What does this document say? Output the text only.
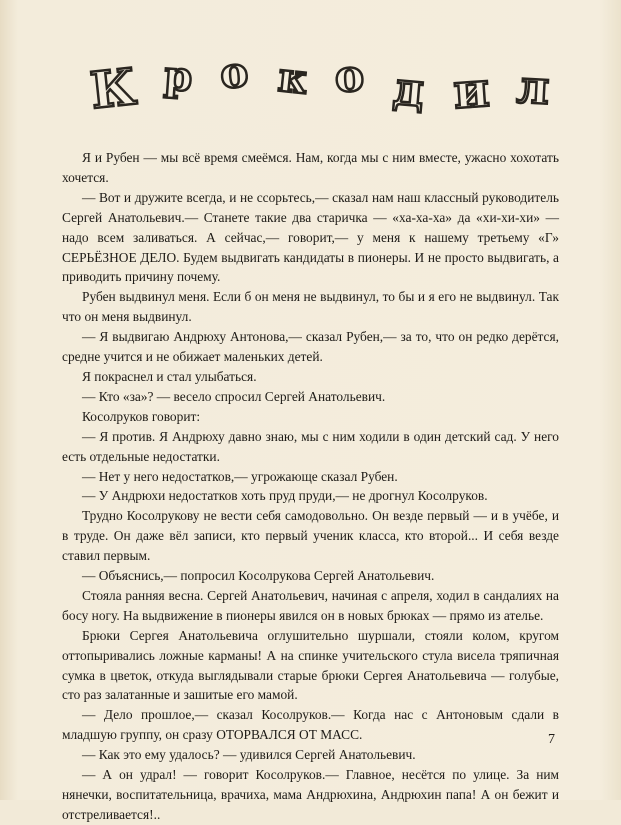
К р о к о д и л

Я и Рубен — мы всё время смеёмся. Нам, когда мы с ним вместе, ужасно хохотать хочется.

— Вот и дружите всегда, и не ссорьтесь,— сказал нам наш классный руководитель Сергей Анатольевич.— Станете такие два старичка — «ха-ха-ха» да «хи-хи-хи» — надо всем заливаться. А сейчас,— говорит,— у меня к нашему третьему «Г» СЕРЬЁЗНОЕ ДЕЛО. Будем выдвигать кандидаты в пионеры. И не просто выдвигать, а приводить причину почему.

Рубен выдвинул меня. Если б он меня не выдвинул, то бы и я его не выдвинул. Так что он меня выдвинул.

— Я выдвигаю Андрюху Антонова,— сказал Рубен,— за то, что он редко дерётся, средне учится и не обижает маленьких детей.

Я покраснел и стал улыбаться.

— Кто «за»? — весело спросил Сергей Анатольевич.

Косолруков говорит:

— Я против. Я Андрюху давно знаю, мы с ним ходили в один детский сад. У него есть отдельные недостатки.

— Нет у него недостатков,— угрожающе сказал Рубен.

— У Андрюхи недостатков хоть пруд пруди,— не дрогнул Косолруков.

Трудно Косолрукову не вести себя самодовольно. Он везде первый — и в учёбе, и в труде. Он даже вёл записи, кто первый ученик класса, кто второй... И себя везде ставил первым.

— Объяснись,— попросил Косолрукова Сергей Анатольевич.

Стояла ранняя весна. Сергей Анатольевич, начиная с апреля, ходил в сандалиях на босу ногу. На выдвижение в пионеры явился он в новых брюках — прямо из ателье.

Брюки Сергея Анатольевича оглушительно шуршали, стояли колом, кругом оттопыривались ложные карманы! А на спинке учительского стула висела тряпичная сумка в цветок, откуда выглядывали старые брюки Сергея Анатольевича — голубые, сто раз залатанные и зашитые его мамой.

— Дело прошлое,— сказал Косолруков.— Когда нас с Антоновым сдали в младшую группу, он сразу ОТОРВАЛСЯ ОТ МАСС.

— Как это ему удалось? — удивился Сергей Анатольевич.

— А он удрал! — говорит Косолруков.— Главное, несётся по улице. За ним нянечки, воспитательница, врачиха, мама Андрюхина, Андрюхин папа! А он бежит и отстреливается!..

7
